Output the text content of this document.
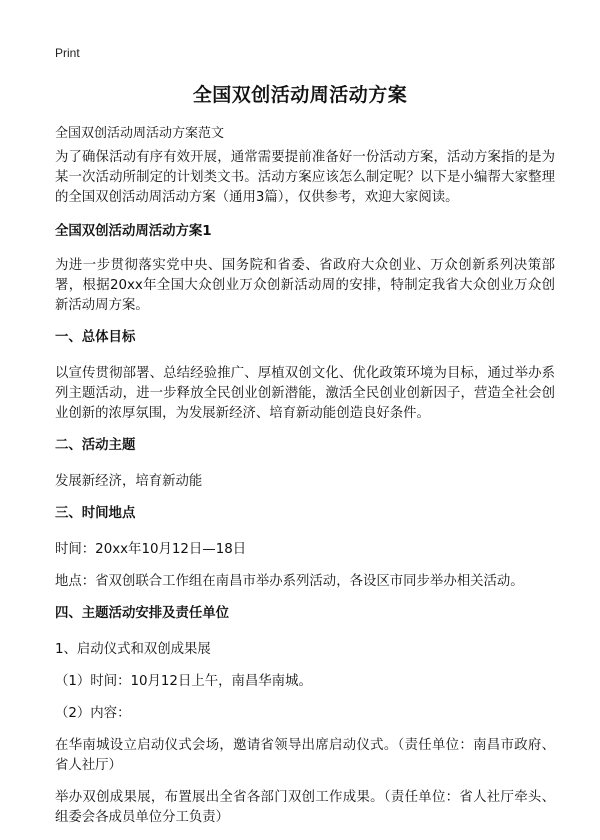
Print
全国双创活动周活动方案
全国双创活动周活动方案范文

为了确保活动有序有效开展，通常需要提前准备好一份活动方案，活动方案指的是为某一次活动所制定的计划类文书。活动方案应该怎么制定呢？以下是小编帮大家整理的全国双创活动周活动方案（通用3篇），仅供参考，欢迎大家阅读。

全国双创活动周活动方案1

为进一步贯彻落实党中央、国务院和省委、省政府大众创业、万众创新系列决策部署，根据20xx年全国大众创业万众创新活动周的安排，特制定我省大众创业万众创新活动周方案。

一、总体目标

以宣传贯彻部署、总结经验推广、厚植双创文化、优化政策环境为目标，通过举办系列主题活动，进一步释放全民创业创新潜能，激活全民创业创新因子，营造全社会创业创新的浓厚氛围，为发展新经济、培育新动能创造良好条件。

二、活动主题

发展新经济，培育新动能

三、时间地点

时间：20xx年10月12日—18日

地点：省双创联合工作组在南昌市举办系列活动，各设区市同步举办相关活动。

四、主题活动安排及责任单位

1、启动仪式和双创成果展

（1）时间：10月12日上午，南昌华南城。

（2）内容：

在华南城设立启动仪式会场，邀请省领导出席启动仪式。（责任单位：南昌市政府、省人社厅）

举办双创成果展，布置展出全省各部门双创工作成果。（责任单位：省人社厅牵头、组委会各成员单位分工负责）
